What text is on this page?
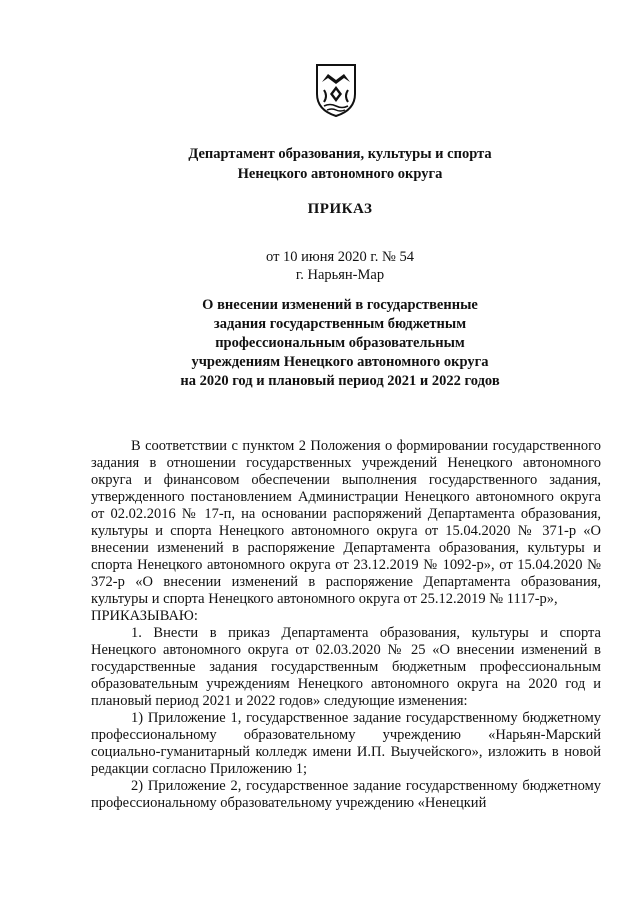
Департамент образования, культуры и спорта
Ненецкого автономного округа
ПРИКАЗ
от 10 июня 2020 г. № 54
г. Нарьян-Мар
О внесении изменений в государственные
задания государственным бюджетным
профессиональным образовательным
учреждениям Ненецкого автономного округа
на 2020 год и плановый период 2021 и 2022 годов

В соответствии с пунктом 2 Положения о формировании государственного задания в отношении государственных учреждений Ненецкого автономного округа и финансовом обеспечении выполнения государственного задания, утвержденного постановлением Администрации Ненецкого автономного округа от 02.02.2016 № 17-п, на основании распоряжений Департамента образования, культуры и спорта Ненецкого автономного округа от 15.04.2020 № 371-р «О внесении изменений в распоряжение Департамента образования, культуры и спорта Ненецкого автономного округа от 23.12.2019 № 1092-р», от 15.04.2020 № 372-р «О внесении изменений в распоряжение Департамента образования, культуры и спорта Ненецкого автономного округа от 25.12.2019 № 1117-р»,

ПРИКАЗЫВАЮ:

1. Внести в приказ Департамента образования, культуры и спорта Ненецкого автономного округа от 02.03.2020 № 25 «О внесении изменений в государственные задания государственным бюджетным профессиональным образовательным учреждениям Ненецкого автономного округа на 2020 год и плановый период 2021 и 2022 годов» следующие изменения:

1) Приложение 1, государственное задание государственному бюджетному профессиональному образовательному учреждению «Нарьян-Марский социально-гуманитарный колледж имени И.П. Выучейского», изложить в новой редакции согласно Приложению 1;

2) Приложение 2, государственное задание государственному бюджетному профессиональному образовательному учреждению «Ненецкий
